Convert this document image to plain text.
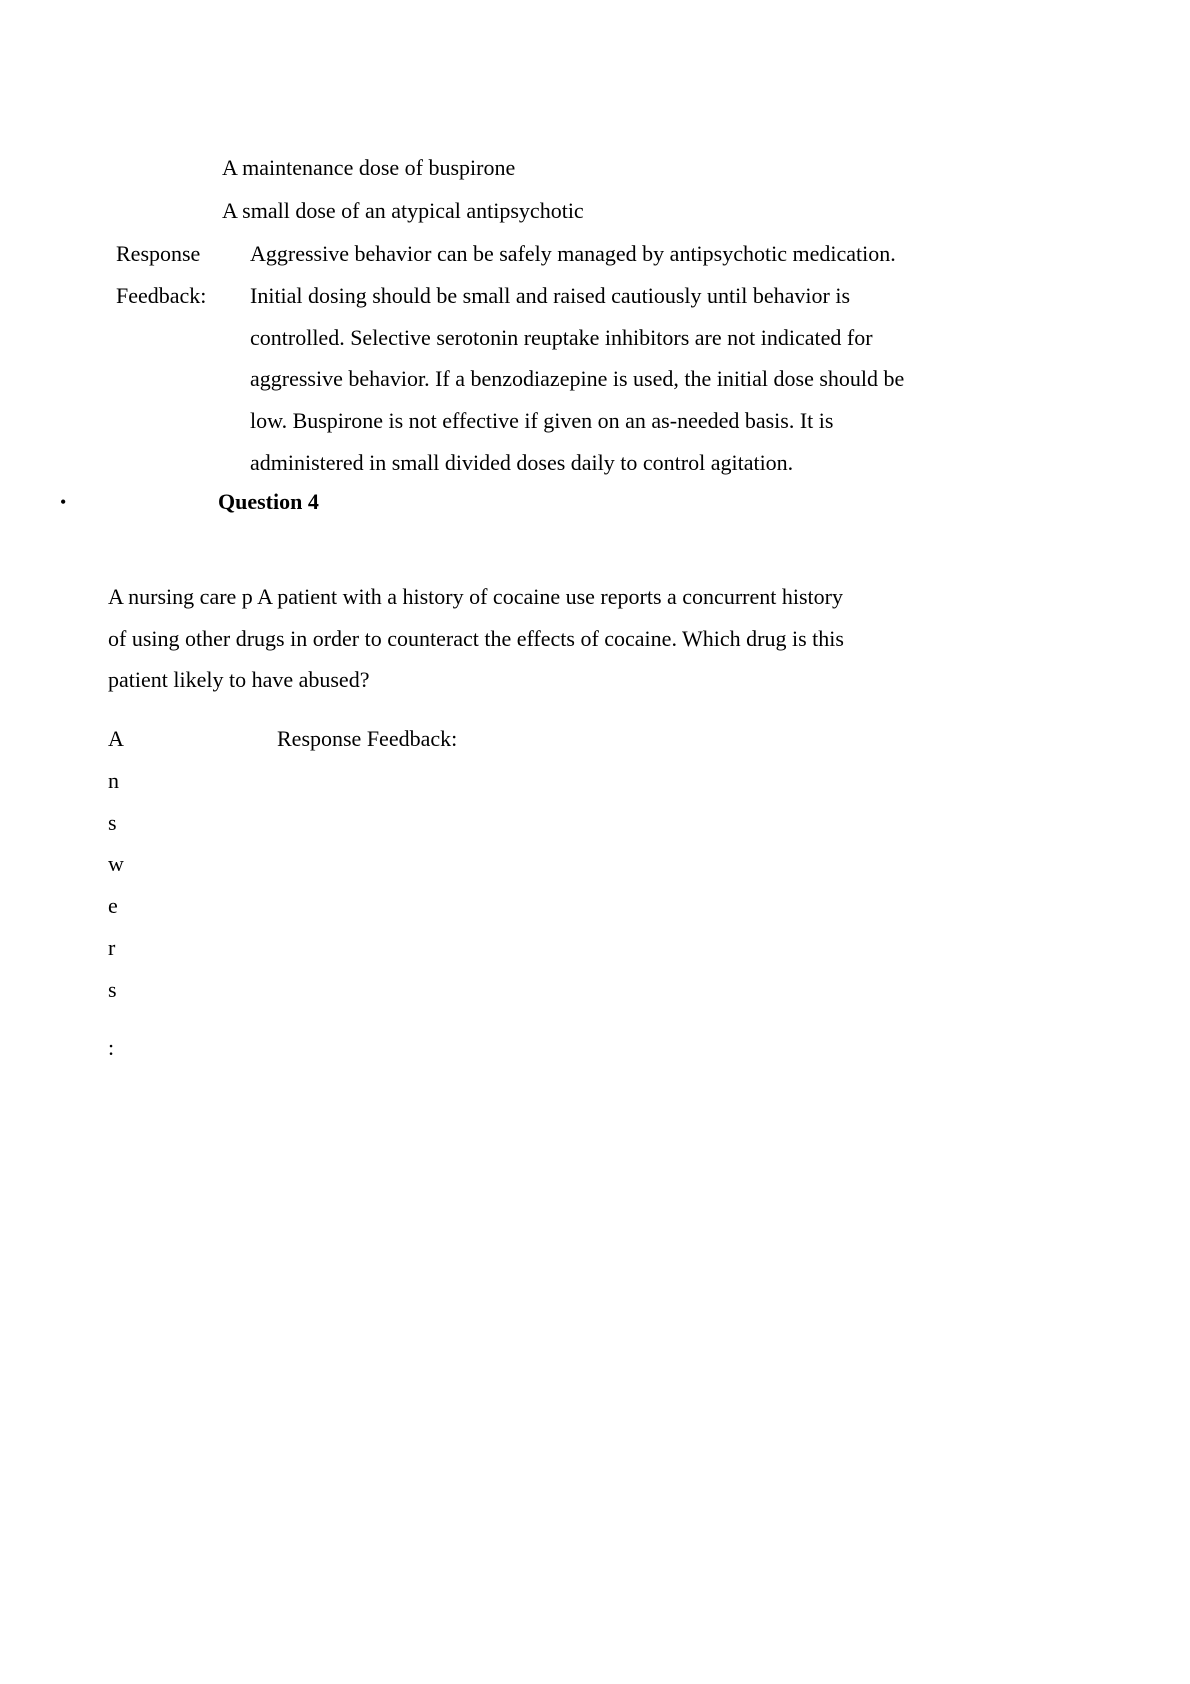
A maintenance dose of buspirone
A small dose of an atypical antipsychotic
Response
Feedback:
Aggressive behavior can be safely managed by antipsychotic medication.
Initial dosing should be small and raised cautiously until behavior is
controlled. Selective serotonin reuptake inhibitors are not indicated for
aggressive behavior. If a benzodiazepine is used, the initial dose should be
low. Buspirone is not effective if given on an as-needed basis. It is
administered in small divided doses daily to control agitation.
•	Question 4
A nursing care p A patient with a history of cocaine use reports a concurrent history
of using other drugs in order to counteract the effects of cocaine. Which drug is this
patient likely to have abused?
A
n
s
w
e
r
s
:
Response Feedback:
